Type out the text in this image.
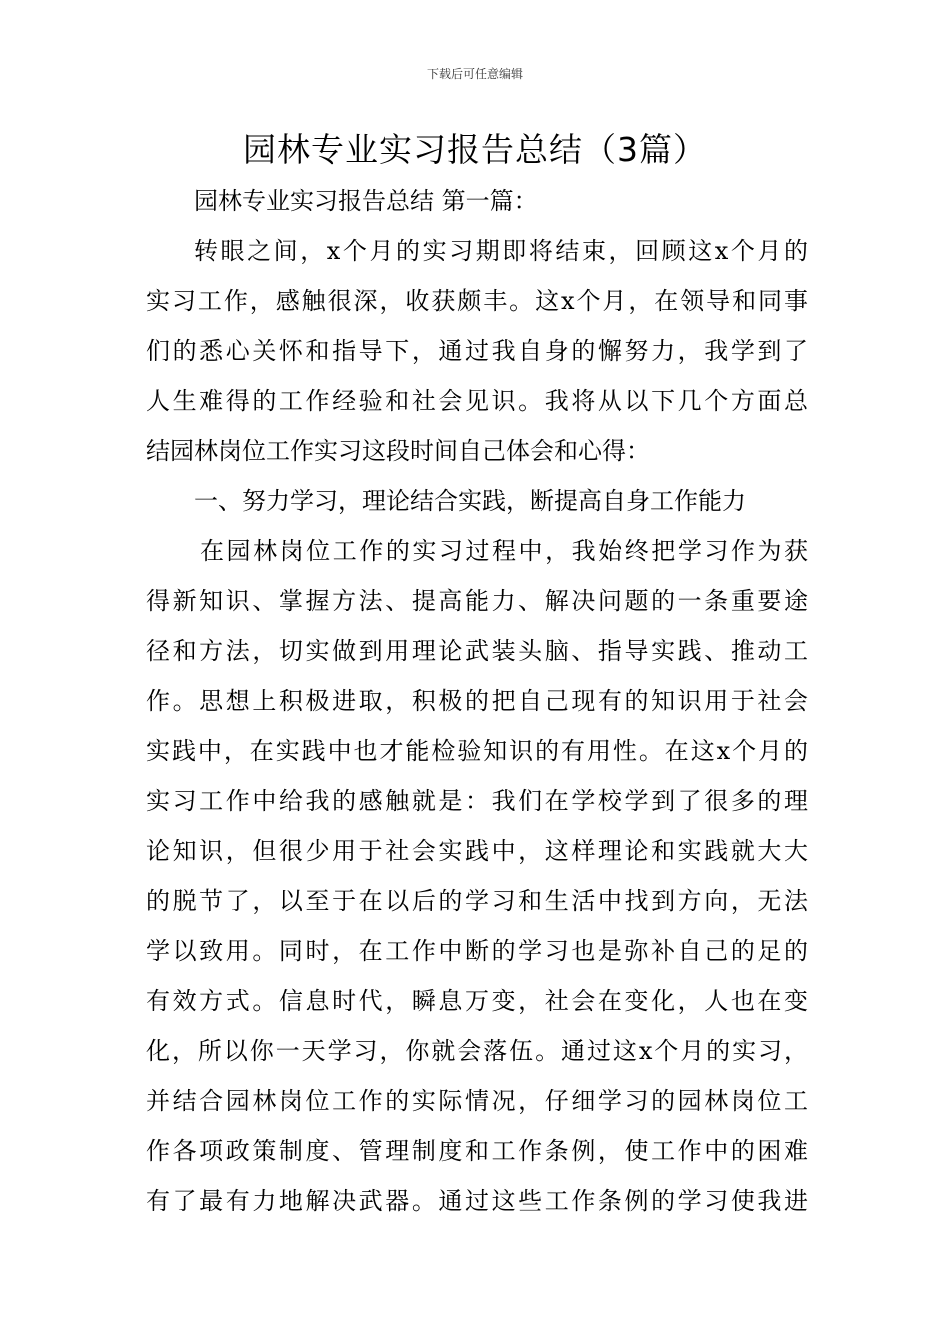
下载后可任意编辑
园林专业实习报告总结（3篇）
园林专业实习报告总结 第一篇：
转眼之间，x个月的实习期即将结束，回顾这x个月的
实习工作，感触很深，收获颇丰。这x个月，在领导和同事
们的悉心关怀和指导下，通过我自身的懈努力，我学到了
人生难得的工作经验和社会见识。我将从以下几个方面总
结园林岗位工作实习这段时间自己体会和心得：
一、努力学习，理论结合实践，断提高自身工作能力
在园林岗位工作的实习过程中，我始终把学习作为获
得新知识、掌握方法、提高能力、解决问题的一条重要途
径和方法，切实做到用理论武装头脑、指导实践、推动工
作。思想上积极进取，积极的把自己现有的知识用于社会
实践中，在实践中也才能检验知识的有用性。在这x个月的
实习工作中给我的感触就是：我们在学校学到了很多的理
论知识，但很少用于社会实践中，这样理论和实践就大大
的脱节了，以至于在以后的学习和生活中找到方向，无法
学以致用。同时，在工作中断的学习也是弥补自己的足的
有效方式。信息时代，瞬息万变，社会在变化，人也在变
化，所以你一天学习，你就会落伍。通过这x个月的实习，
并结合园林岗位工作的实际情况，仔细学习的园林岗位工
作各项政策制度、管理制度和工作条例，使工作中的困难
有了最有力地解决武器。通过这些工作条例的学习使我进
